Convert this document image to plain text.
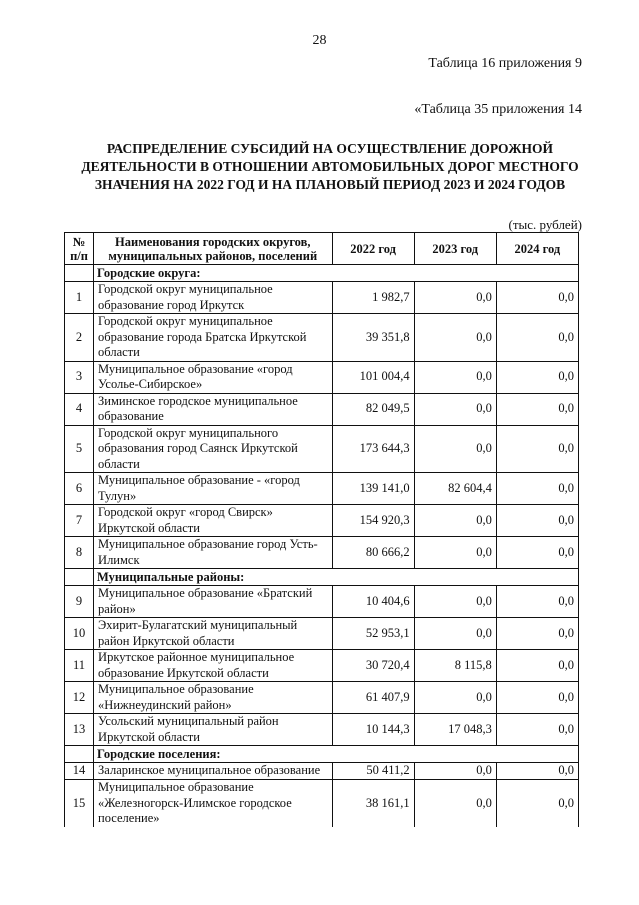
28
Таблица 16 приложения 9
«Таблица 35 приложения 14
РАСПРЕДЕЛЕНИЕ СУБСИДИЙ НА ОСУЩЕСТВЛЕНИЕ ДОРОЖНОЙ ДЕЯТЕЛЬНОСТИ В ОТНОШЕНИИ АВТОМОБИЛЬНЫХ ДОРОГ МЕСТНОГО ЗНАЧЕНИЯ НА 2022 ГОД И НА ПЛАНОВЫЙ ПЕРИОД 2023 И 2024 ГОДОВ
(тыс. рублей)
№ п/п	Наименования городских округов, муниципальных районов, поселений	2022 год	2023 год	2024 год
	Городские округа:			
1	Городской округ муниципальное образование город Иркутск	1 982,7	0,0	0,0
2	Городской округ муниципальное образование города Братска Иркутской области	39 351,8	0,0	0,0
3	Муниципальное образование «город Усолье-Сибирское»	101 004,4	0,0	0,0
4	Зиминское городское муниципальное образование	82 049,5	0,0	0,0
5	Городской округ муниципального образования город Саянск Иркутской области	173 644,3	0,0	0,0
6	Муниципальное образование - «город Тулун»	139 141,0	82 604,4	0,0
7	Городской округ «город Свирск» Иркутской области	154 920,3	0,0	0,0
8	Муниципальное образование город Усть-Илимск	80 666,2	0,0	0,0
	Муниципальные районы:			
9	Муниципальное образование «Братский район»	10 404,6	0,0	0,0
10	Эхирит-Булагатский муниципальный район Иркутской области	52 953,1	0,0	0,0
11	Иркутское районное муниципальное образование Иркутской области	30 720,4	8 115,8	0,0
12	Муниципальное образование «Нижнеудинский район»	61 407,9	0,0	0,0
13	Усольский муниципальный район Иркутской области	10 144,3	17 048,3	0,0
	Городские поселения:			
14	Заларинское муниципальное образование	50 411,2	0,0	0,0
15	Муниципальное образование «Железногорск-Илимское городское поселение»	38 161,1	0,0	0,0
